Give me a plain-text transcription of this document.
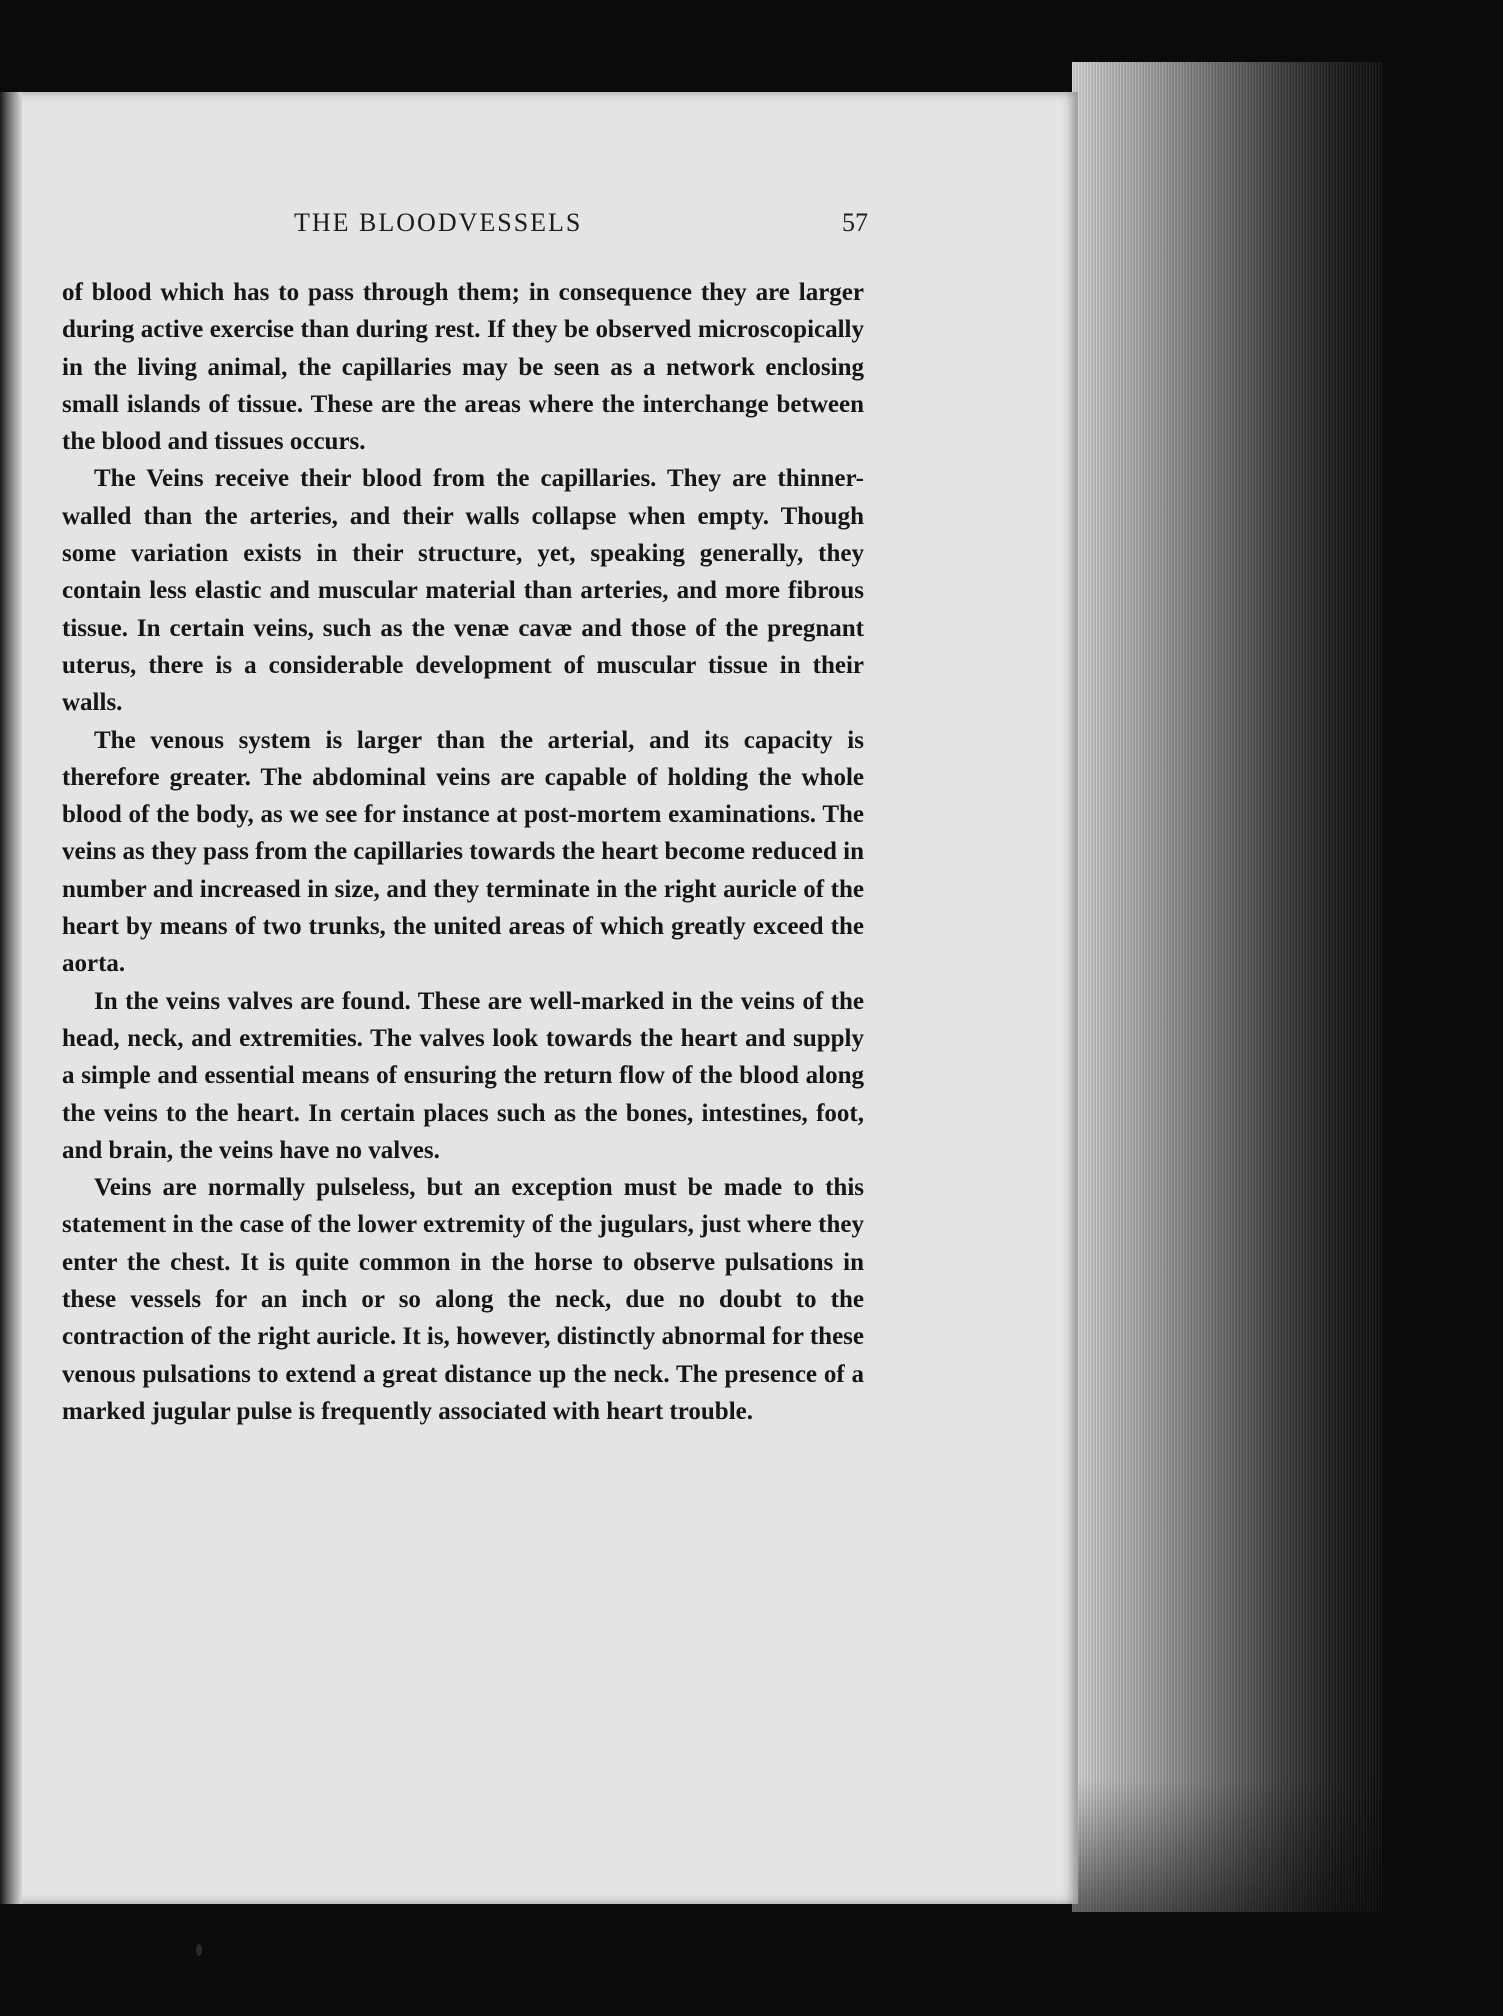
THE BLOODVESSELS	57

of blood which has to pass through them; in consequence they are larger during active exercise than during rest. If they be observed microscopically in the living animal, the capillaries may be seen as a network enclosing small islands of tissue. These are the areas where the interchange between the blood and tissues occurs.

The Veins receive their blood from the capillaries. They are thinner-walled than the arteries, and their walls collapse when empty. Though some variation exists in their structure, yet, speaking generally, they contain less elastic and muscular material than arteries, and more fibrous tissue. In certain veins, such as the venæ cavæ and those of the pregnant uterus, there is a considerable development of muscular tissue in their walls.

The venous system is larger than the arterial, and its capacity is therefore greater. The abdominal veins are capable of holding the whole blood of the body, as we see for instance at post-mortem examinations. The veins as they pass from the capillaries towards the heart become reduced in number and increased in size, and they terminate in the right auricle of the heart by means of two trunks, the united areas of which greatly exceed the aorta.

In the veins valves are found. These are well-marked in the veins of the head, neck, and extremities. The valves look towards the heart and supply a simple and essential means of ensuring the return flow of the blood along the veins to the heart. In certain places such as the bones, intestines, foot, and brain, the veins have no valves.

Veins are normally pulseless, but an exception must be made to this statement in the case of the lower extremity of the jugulars, just where they enter the chest. It is quite common in the horse to observe pulsations in these vessels for an inch or so along the neck, due no doubt to the contraction of the right auricle. It is, however, distinctly abnormal for these venous pulsations to extend a great distance up the neck. The presence of a marked jugular pulse is frequently associated with heart trouble.
